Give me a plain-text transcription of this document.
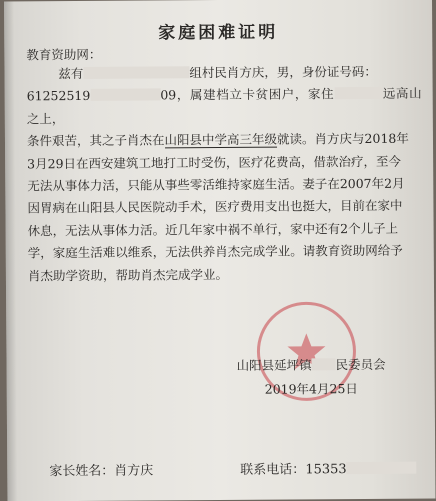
家庭困难证明
教育资助网：
兹有	组村民肖方庆，男，身份证号码：
61252519	09，属建档立卡贫困户，家住	远高山之上，
条件艰苦，其之子肖杰在山阳县中学高三年级就读。肖方庆与2018年
3月29日在西安建筑工地打工时受伤，医疗花费高，借款治疗，至今
无法从事体力活，只能从事些零活维持家庭生活。妻子在2007年2月
因胃病在山阳县人民医院动手术，医疗费用支出也挺大，目前在家中
休息，无法从事体力活。近几年家中祸不单行，家中还有2个儿子上
学，家庭生活难以维系，无法供养肖杰完成学业。请教育资助网给予
肖杰助学资助，帮助肖杰完成学业。
山阳县延坪镇 民委员会
2019年4月25日
家长姓名：肖方庆	联系电话：15353
